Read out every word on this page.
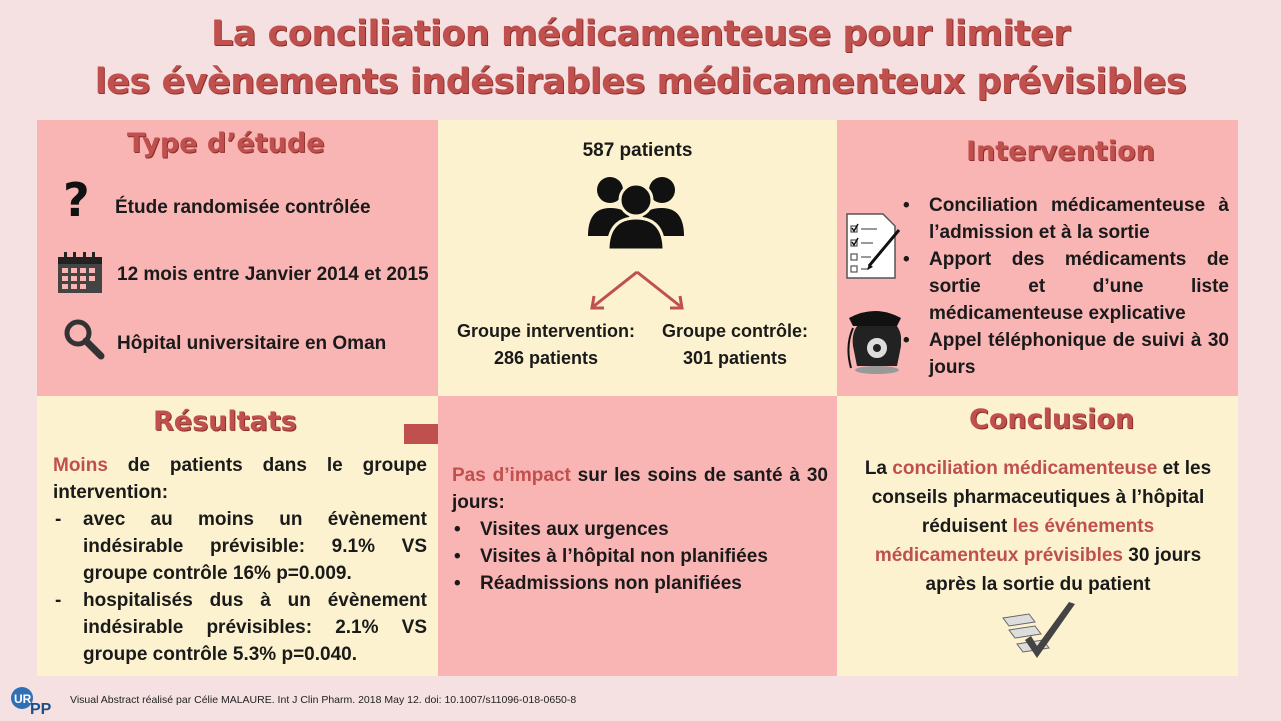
La conciliation médicamenteuse pour limiter
les évènements indésirables médicamenteux prévisibles
Type d’étude
? Étude randomisée contrôlée
12 mois entre Janvier 2014 et 2015
Hôpital universitaire en Oman
587 patients
Groupe intervention:
286 patients
Groupe contrôle:
301 patients
Intervention
• Conciliation médicamenteuse à l’admission et à la sortie
• Apport des médicaments de sortie et d’une liste médicamenteuse explicative
• Appel téléphonique de suivi à 30 jours
Résultats
Moins de patients dans le groupe intervention:
- avec au moins un évènement indésirable prévisible: 9.1% VS groupe contrôle 16% p=0.009.
- hospitalisés dus à un évènement indésirable prévisibles: 2.1% VS groupe contrôle 5.3% p=0.040.
Pas d’impact sur les soins de santé à 30 jours:
• Visites aux urgences
• Visites à l’hôpital non planifiées
• Réadmissions non planifiées
Conclusion
La conciliation médicamenteuse et les conseils pharmaceutiques à l’hôpital réduisent les événements médicamenteux prévisibles 30 jours après la sortie du patient
UR
PP
Visual Abstract réalisé par Célie MALAURE. Int J Clin Pharm. 2018 May 12. doi: 10.1007/s11096-018-0650-8
